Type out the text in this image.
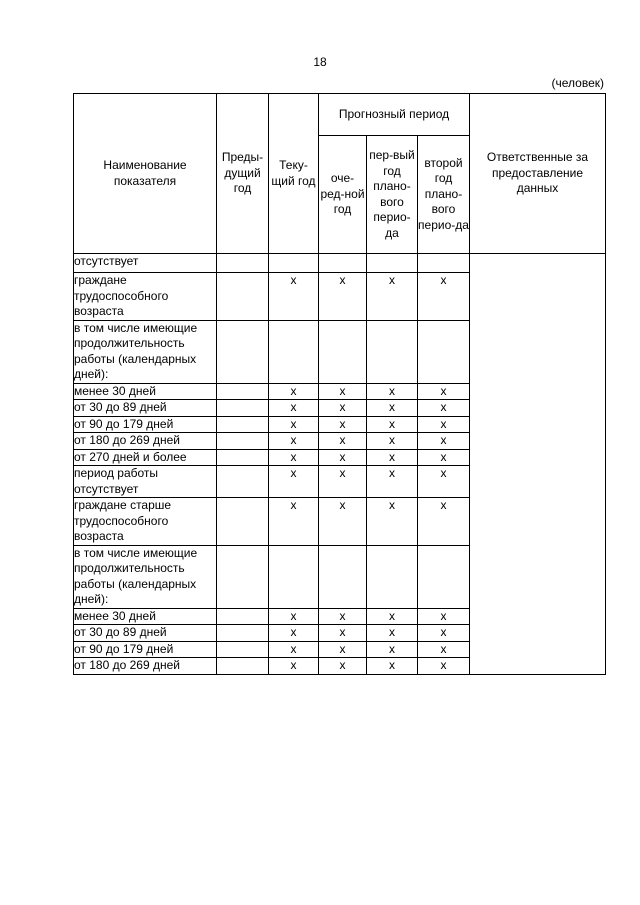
18
(человек)
Наименование показателя	Преды-дущий год	Теку-щий год	Прогнозный период			Ответственные за предоставление данных
			оче-ред-ной год	пер-вый год плано-вого перио-да	второй год плано-вого перио-да	
отсутствует						
граждане трудоспособного возраста		x	x	x	x	
в том числе имеющие продолжительность работы (календарных дней):						
менее 30 дней		x	x	x	x	
от 30 до 89 дней		x	x	x	x	
от 90 до 179 дней		x	x	x	x	
от 180 до 269 дней		x	x	x	x	
от 270 дней и более		x	x	x	x	
период работы отсутствует		x	x	x	x	
граждане старше трудоспособного возраста		x	x	x	x	
в том числе имеющие продолжительность работы (календарных дней):						
менее 30 дней		x	x	x	x	
от 30 до 89 дней		x	x	x	x	
от 90 до 179 дней		x	x	x	x	
от 180 до 269 дней		x	x	x	x	
